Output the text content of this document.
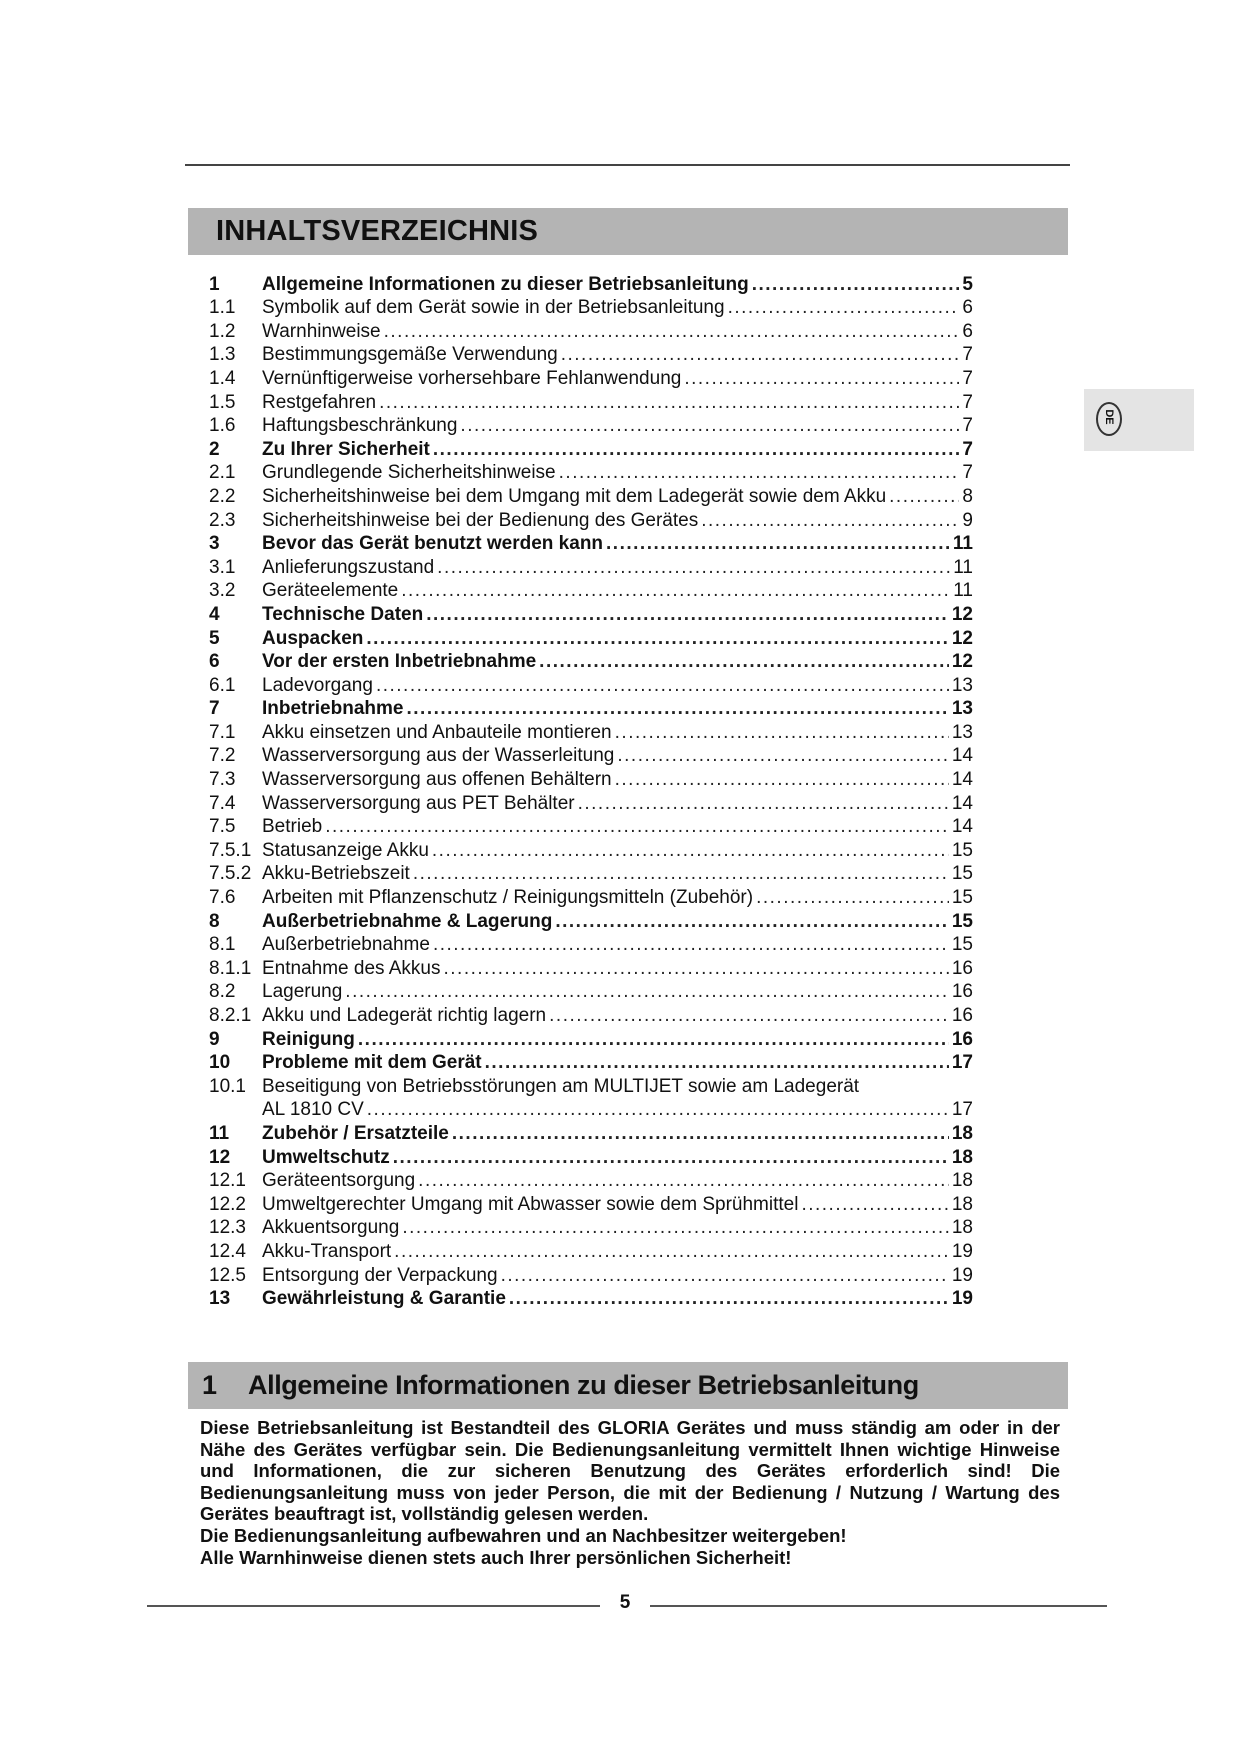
INHALTSVERZEICHNIS
DE
1	Allgemeine Informationen zu dieser Betriebsanleitung .....	5
1.1	Symbolik auf dem Gerät sowie in der Betriebsanleitung .....	6
1.2	Warnhinweise .....	6
1.3	Bestimmungsgemäße Verwendung .....	7
1.4	Vernünftigerweise vorhersehbare Fehlanwendung .....	7
1.5	Restgefahren .....	7
1.6	Haftungsbeschränkung .....	7
2	Zu Ihrer Sicherheit .....	7
2.1	Grundlegende Sicherheitshinweise .....	7
2.2	Sicherheitshinweise bei dem Umgang mit dem Ladegerät sowie dem Akku .....	8
2.3	Sicherheitshinweise bei der Bedienung des Gerätes .....	9
3	Bevor das Gerät benutzt werden kann .....	11
3.1	Anlieferungszustand .....	11
3.2	Geräteelemente .....	11
4	Technische Daten .....	12
5	Auspacken .....	12
6	Vor der ersten Inbetriebnahme .....	12
6.1	Ladevorgang .....	13
7	Inbetriebnahme .....	13
7.1	Akku einsetzen und Anbauteile montieren .....	13
7.2	Wasserversorgung aus der Wasserleitung .....	14
7.3	Wasserversorgung aus offenen Behältern .....	14
7.4	Wasserversorgung aus PET Behälter .....	14
7.5	Betrieb .....	14
7.5.1 Statusanzeige Akku .....	15
7.5.2 Akku-Betriebszeit .....	15
7.6	Arbeiten mit Pflanzenschutz / Reinigungsmitteln (Zubehör) .....	15
8	Außerbetriebnahme & Lagerung .....	15
8.1	Außerbetriebnahme .....	15
8.1.1 Entnahme des Akkus .....	16
8.2	Lagerung .....	16
8.2.1 Akku und Ladegerät richtig lagern .....	16
9	Reinigung .....	16
10	Probleme mit dem Gerät .....	17
10.1 Beseitigung von Betriebsstörungen am MULTIJET sowie am Ladegerät
AL 1810 CV .....	17
11	Zubehör / Ersatzteile .....	18
12	Umweltschutz .....	18
12.1 Geräteentsorgung .....	18
12.2 Umweltgerechter Umgang mit Abwasser sowie dem Sprühmittel .....	18
12.3 Akkuentsorgung .....	18
12.4 Akku-Transport .....	19
12.5 Entsorgung der Verpackung .....	19
13	Gewährleistung & Garantie .....	19
1 Allgemeine Informationen zu dieser Betriebsanleitung

Diese Betriebsanleitung ist Bestandteil des GLORIA Gerätes und muss ständig am oder in der Nähe des Gerätes verfügbar sein. Die Bedienungsanleitung vermittelt Ihnen wichtige Hinweise und Informationen, die zur sicheren Benutzung des Gerätes erforderlich sind! Die Bedienungsanleitung muss von jeder Person, die mit der Bedienung / Nutzung / Wartung des Gerätes beauftragt ist, vollständig gelesen werden.

Die Bedienungsanleitung aufbewahren und an Nachbesitzer weitergeben!

Alle Warnhinweise dienen stets auch Ihrer persönlichen Sicherheit!

5
